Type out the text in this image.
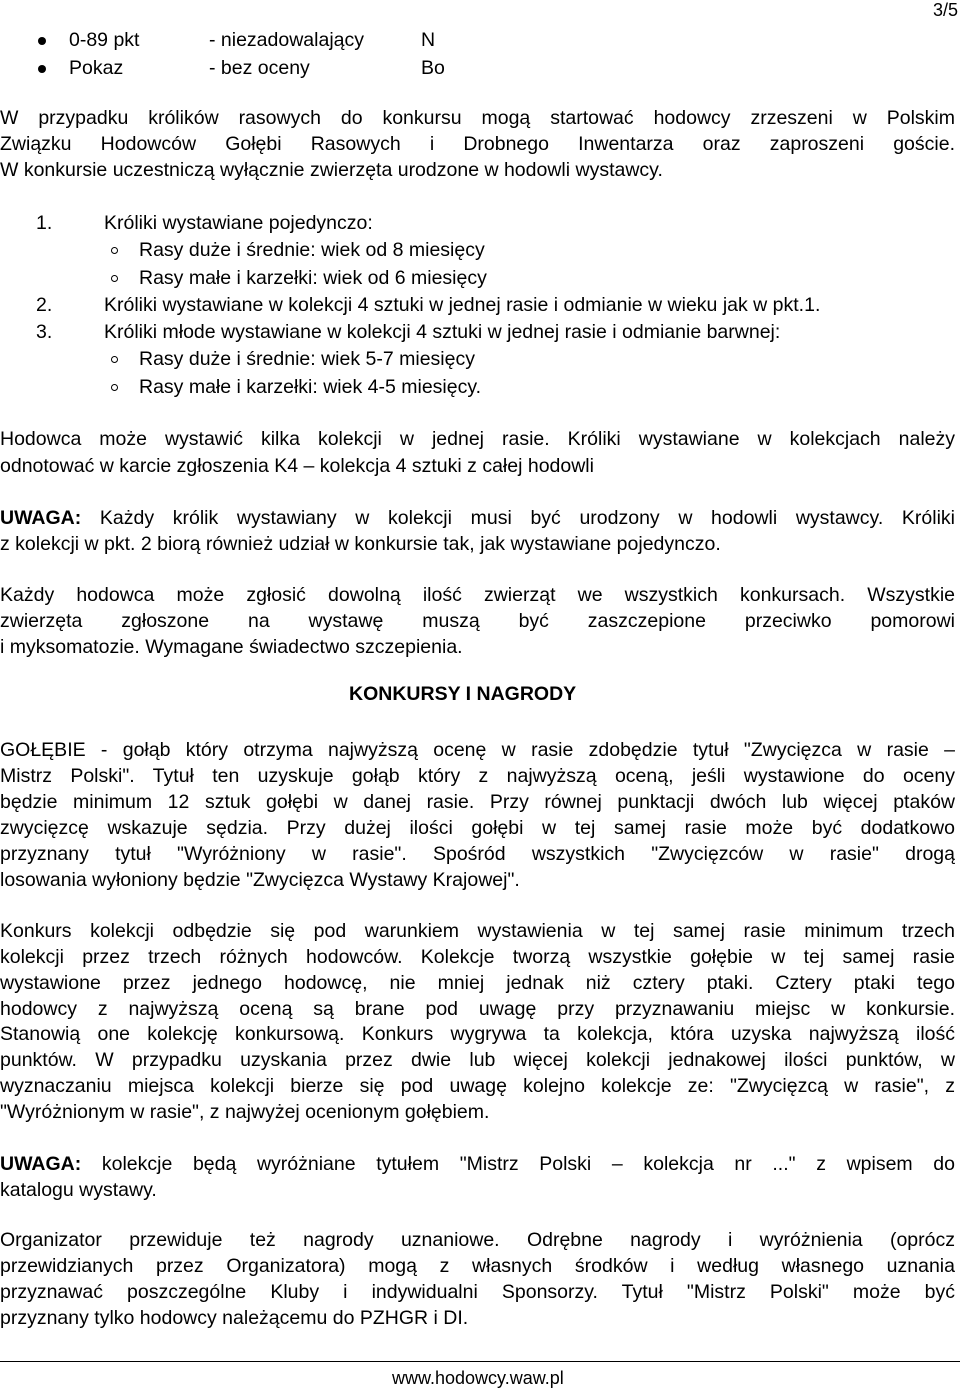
3/5
0-89 pkt	- niezadowalający	N
Pokaz	- bez oceny	Bo
W przypadku królików rasowych do konkursu mogą startować hodowcy zrzeszeni w Polskim
Związku Hodowców Gołębi Rasowych i Drobnego Inwentarza oraz zaproszeni goście.
W konkursie uczestniczą wyłącznie zwierzęta urodzone w hodowli wystawcy.
1.	Króliki wystawiane pojedynczo:
Rasy duże i średnie: wiek od 8 miesięcy
Rasy małe i karzełki: wiek od 6 miesięcy
2.	Króliki wystawiane w kolekcji 4 sztuki w jednej rasie i odmianie w wieku jak w pkt.1.
3.	Króliki młode wystawiane w kolekcji 4 sztuki w jednej rasie i odmianie barwnej:
Rasy duże i średnie: wiek 5-7 miesięcy
Rasy małe i karzełki: wiek 4-5 miesięcy.
Hodowca może wystawić kilka kolekcji w jednej rasie. Króliki wystawiane w kolekcjach należy
odnotować w karcie zgłoszenia K4 – kolekcja 4 sztuki z całej hodowli
UWAGA: Każdy królik wystawiany w kolekcji musi być urodzony w hodowli wystawcy. Króliki
z kolekcji w pkt. 2 biorą również udział w konkursie tak, jak wystawiane pojedynczo.
Każdy hodowca może zgłosić dowolną ilość zwierząt we wszystkich konkursach. Wszystkie
zwierzęta zgłoszone na wystawę muszą być zaszczepione przeciwko pomorowi
i myksomatozie. Wymagane świadectwo szczepienia.
KONKURSY I NAGRODY
GOŁĘBIE - gołąb który otrzyma najwyższą ocenę w rasie zdobędzie tytuł "Zwycięzca w rasie –
Mistrz Polski". Tytuł ten uzyskuje gołąb który z najwyższą oceną, jeśli wystawione do oceny
będzie minimum 12 sztuk gołębi w danej rasie. Przy równej punktacji dwóch lub więcej ptaków
zwycięzcę wskazuje sędzia. Przy dużej ilości gołębi w tej samej rasie może być dodatkowo
przyznany tytuł "Wyróżniony w rasie". Spośród wszystkich "Zwycięzców w rasie" drogą
losowania wyłoniony będzie "Zwycięzca Wystawy Krajowej".
Konkurs kolekcji odbędzie się pod warunkiem wystawienia w tej samej rasie minimum trzech
kolekcji przez trzech różnych hodowców. Kolekcje tworzą wszystkie gołębie w tej samej rasie
wystawione przez jednego hodowcę, nie mniej jednak niż cztery ptaki. Cztery ptaki tego
hodowcy z najwyższą oceną są brane pod uwagę przy przyznawaniu miejsc w konkursie.
Stanowią one kolekcję konkursową. Konkurs wygrywa ta kolekcja, która uzyska najwyższą ilość
punktów. W przypadku uzyskania przez dwie lub więcej kolekcji jednakowej ilości punktów, w
wyznaczaniu miejsca kolekcji bierze się pod uwagę kolejno kolekcje ze: "Zwycięzcą w rasie", z
"Wyróżnionym w rasie", z najwyżej ocenionym gołębiem.
UWAGA: kolekcje będą wyróżniane tytułem "Mistrz Polski – kolekcja nr ..." z wpisem do
katalogu wystawy.
Organizator przewiduje też nagrody uznaniowe. Odrębne nagrody i wyróżnienia (oprócz
przewidzianych przez Organizatora) mogą z własnych środków i według własnego uznania
przyznawać poszczególne Kluby i indywidualni Sponsorzy. Tytuł "Mistrz Polski" może być
przyznany tylko hodowcy należącemu do PZHGR i DI.
www.hodowcy.waw.pl
